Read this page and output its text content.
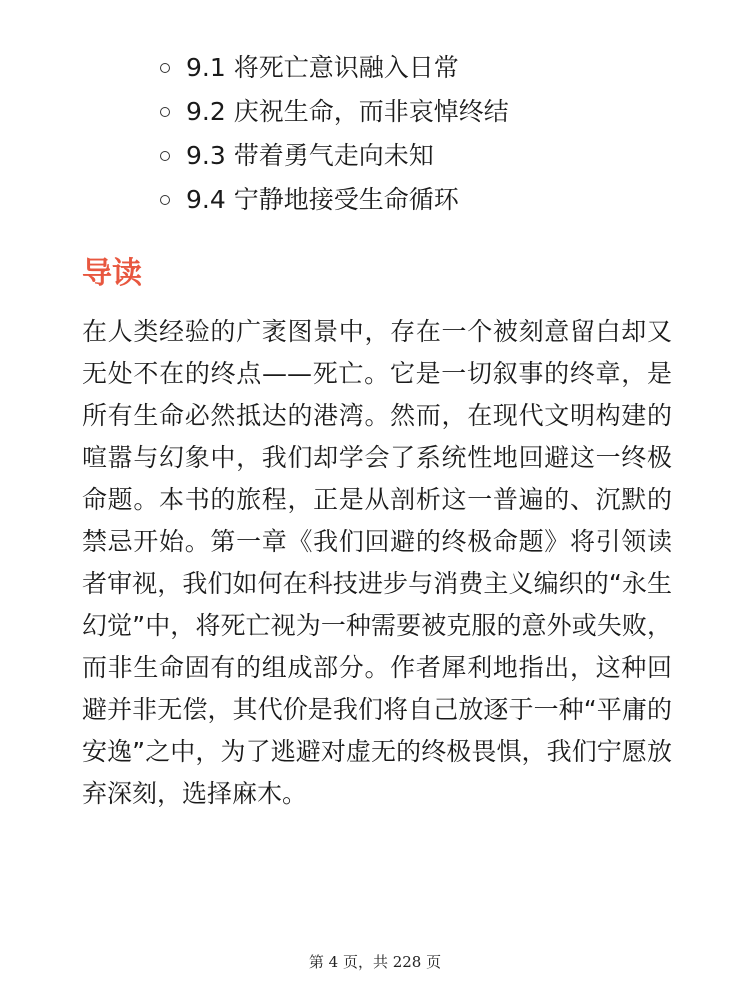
9.1 将死亡意识融入日常
9.2 庆祝生命，而非哀悼终结
9.3 带着勇气走向未知
9.4 宁静地接受生命循环
导读

在人类经验的广袤图景中，存在一个被刻意留白却又无处不在的终点——死亡。它是一切叙事的终章，是所有生命必然抵达的港湾。然而，在现代文明构建的喧嚣与幻象中，我们却学会了系统性地回避这一终极命题。本书的旅程，正是从剖析这一普遍的、沉默的禁忌开始。第一章《我们回避的终极命题》将引领读者审视，我们如何在科技进步与消费主义编织的“永生幻觉”中，将死亡视为一种需要被克服的意外或失败，而非生命固有的组成部分。作者犀利地指出，这种回避并非无偿，其代价是我们将自己放逐于一种“平庸的安逸”之中，为了逃避对虚无的终极畏惧，我们宁愿放弃深刻，选择麻木。

第 4 页，共 228 页
